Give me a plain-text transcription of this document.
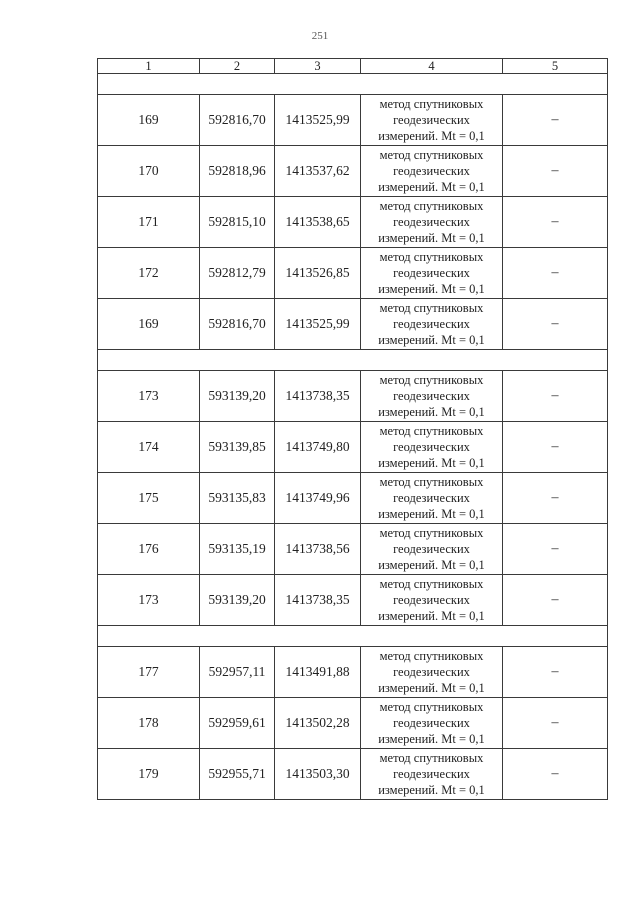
251
1	2	3	4	5

169	592816,70	1413525,99	метод спутниковых
геодезических
измерений. Mt = 0,1	–
170	592818,96	1413537,62	метод спутниковых
геодезических
измерений. Mt = 0,1	–
171	592815,10	1413538,65	метод спутниковых
геодезических
измерений. Mt = 0,1	–
172	592812,79	1413526,85	метод спутниковых
геодезических
измерений. Mt = 0,1	–
169	592816,70	1413525,99	метод спутниковых
геодезических
измерений. Mt = 0,1	–

173	593139,20	1413738,35	метод спутниковых
геодезических
измерений. Mt = 0,1	–
174	593139,85	1413749,80	метод спутниковых
геодезических
измерений. Mt = 0,1	–
175	593135,83	1413749,96	метод спутниковых
геодезических
измерений. Mt = 0,1	–
176	593135,19	1413738,56	метод спутниковых
геодезических
измерений. Mt = 0,1	–
173	593139,20	1413738,35	метод спутниковых
геодезических
измерений. Mt = 0,1	–

177	592957,11	1413491,88	метод спутниковых
геодезических
измерений. Mt = 0,1	–
178	592959,61	1413502,28	метод спутниковых
геодезических
измерений. Mt = 0,1	–
179	592955,71	1413503,30	метод спутниковых
геодезических
измерений. Mt = 0,1	–
